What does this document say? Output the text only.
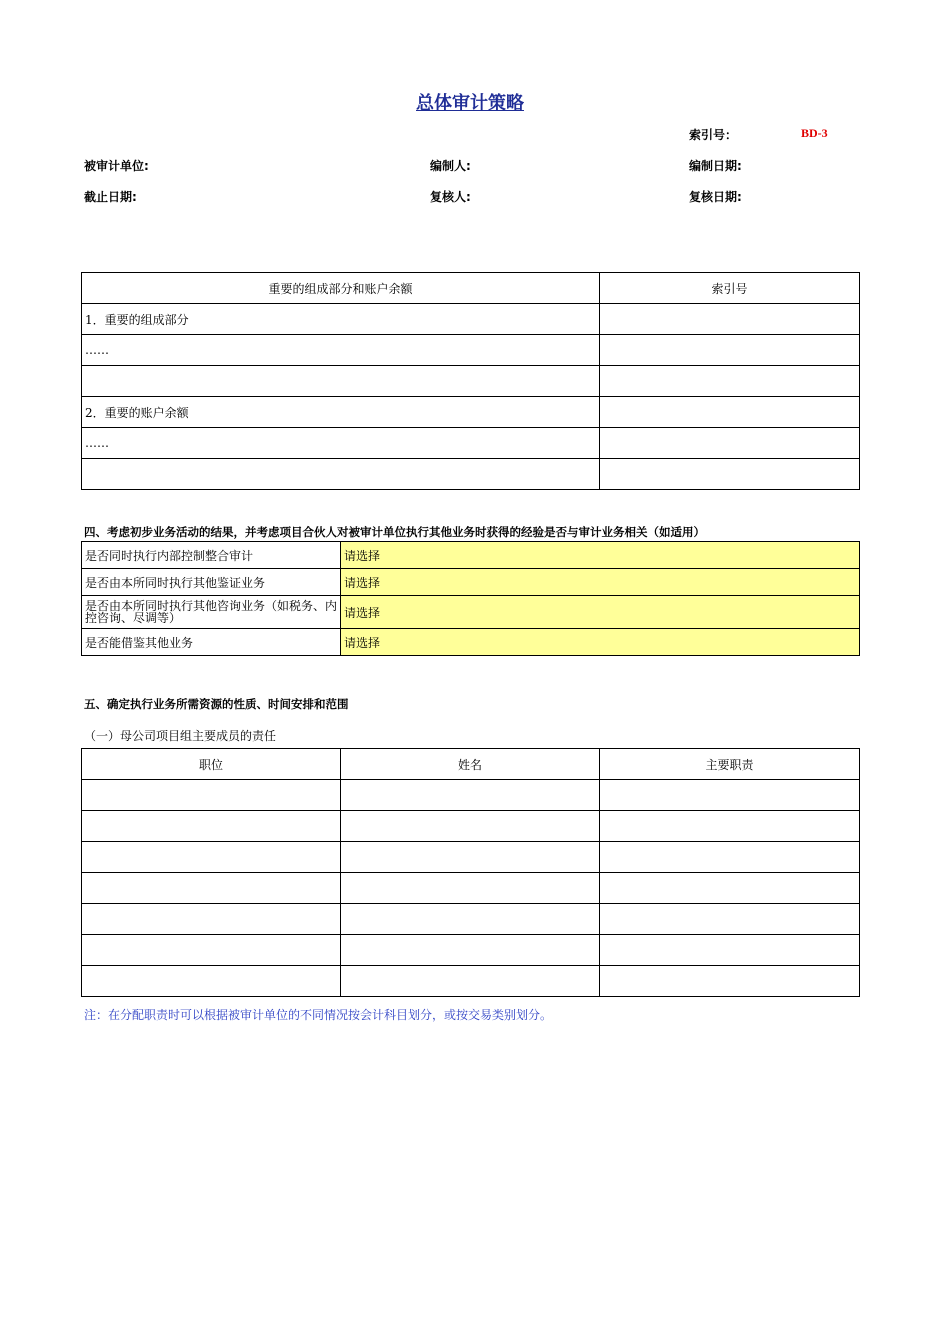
总体审计策略
索引号：	BD-3
被审计单位:	编制人:	编制日期:
截止日期:	复核人:	复核日期:
重要的组成部分和账户余额	索引号
1．重要的组成部分	
……	

2．重要的账户余额	
……	

四、考虑初步业务活动的结果，并考虑项目合伙人对被审计单位执行其他业务时获得的经验是否与审计业务相关（如适用）
是否同时执行内部控制整合审计	请选择
是否由本所同时执行其他鉴证业务	请选择
是否由本所同时执行其他咨询业务（如税务、内控咨询、尽调等）	请选择
是否能借鉴其他业务	请选择
五、确定执行业务所需资源的性质、时间安排和范围
（一）母公司项目组主要成员的责任
职位	姓名	主要职责

注：在分配职责时可以根据被审计单位的不同情况按会计科目划分，或按交易类别划分。
